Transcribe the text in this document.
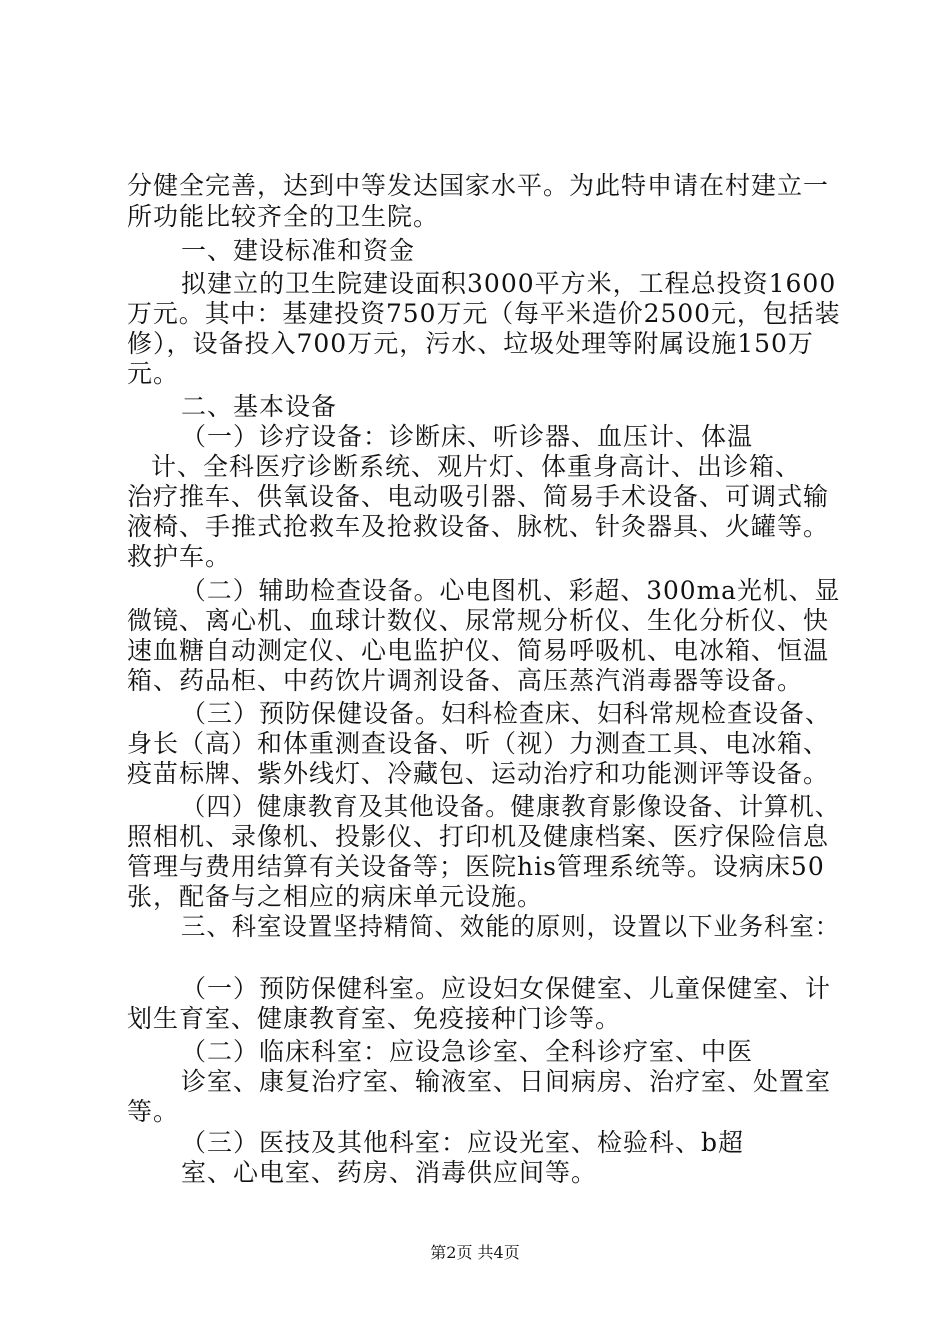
分健全完善，达到中等发达国家水平。为此特申请在村建立一
所功能比较齐全的卫生院。
一、建设标准和资金
拟建立的卫生院建设面积3000平方米，工程总投资1600
万元。其中：基建投资750万元（每平米造价2500元，包括装
修），设备投入700万元，污水、垃圾处理等附属设施150万
元。
二、基本设备
（一）诊疗设备：诊断床、听诊器、血压计、体温
计、全科医疗诊断系统、观片灯、体重身高计、出诊箱、
治疗推车、供氧设备、电动吸引器、简易手术设备、可调式输
液椅、手推式抢救车及抢救设备、脉枕、针灸器具、火罐等。
救护车。
（二）辅助检查设备。心电图机、彩超、300ma光机、显
微镜、离心机、血球计数仪、尿常规分析仪、生化分析仪、快
速血糖自动测定仪、心电监护仪、简易呼吸机、电冰箱、恒温
箱、药品柜、中药饮片调剂设备、高压蒸汽消毒器等设备。
（三）预防保健设备。妇科检查床、妇科常规检查设备、
身长（高）和体重测查设备、听（视）力测查工具、电冰箱、
疫苗标牌、紫外线灯、冷藏包、运动治疗和功能测评等设备。
（四）健康教育及其他设备。健康教育影像设备、计算机、
照相机、录像机、投影仪、打印机及健康档案、医疗保险信息
管理与费用结算有关设备等；医院his管理系统等。设病床50
张，配备与之相应的病床单元设施。
三、科室设置坚持精简、效能的原则，设置以下业务科室：
（一）预防保健科室。应设妇女保健室、儿童保健室、计
划生育室、健康教育室、免疫接种门诊等。
（二）临床科室：应设急诊室、全科诊疗室、中医
诊室、康复治疗室、输液室、日间病房、治疗室、处置室
等。
（三）医技及其他科室：应设光室、检验科、b超
室、心电室、药房、消毒供应间等。
第2页 共4页
